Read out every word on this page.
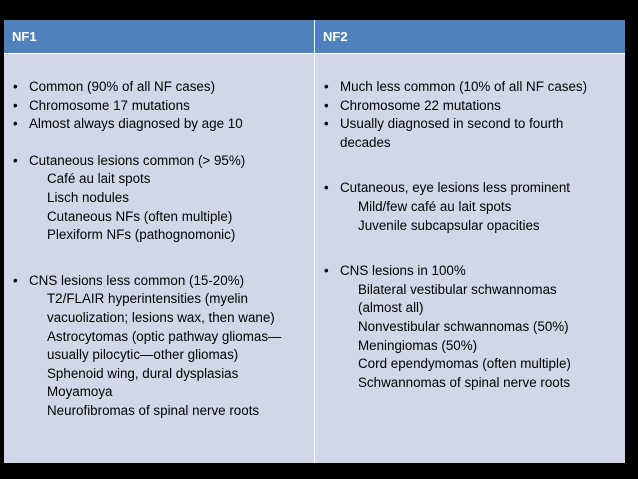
NF1	NF2
• Common (90% of all NF cases)
• Chromosome 17 mutations
• Almost always diagnosed by age 10
• Cutaneous lesions common (> 95%)
Café au lait spots
Lisch nodules
Cutaneous NFs (often multiple)
Plexiform NFs (pathognomonic)
• CNS lesions less common (15-20%)
T2/FLAIR hyperintensities (myelin
vacuolization; lesions wax, then wane)
Astrocytomas (optic pathway gliomas—
usually pilocytic—other gliomas)
Sphenoid wing, dural dysplasias
Moyamoya
Neurofibromas of spinal nerve roots
• Much less common (10% of all NF cases)
• Chromosome 22 mutations
• Usually diagnosed in second to fourth
decades
• Cutaneous, eye lesions less prominent
Mild/few café au lait spots
Juvenile subcapsular opacities
• CNS lesions in 100%
Bilateral vestibular schwannomas
(almost all)
Nonvestibular schwannomas (50%)
Meningiomas (50%)
Cord ependymomas (often multiple)
Schwannomas of spinal nerve roots
